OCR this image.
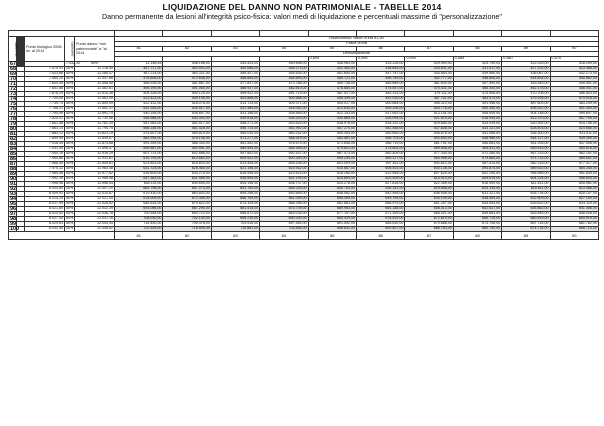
LIQUIDAZIONE DEL DANNO NON PATRIMONIALE - TABELLE 2014
Danno permanente da lesioni all'integrità psico-fisica: valori medi di liquidazione e percentuali massime di "personalizzazione"

Invalidità		Punto biologico 2008 riv. al 2014	aumento	Punto danno "non patrimoniale" a "al 2014	Risarcimento: fasce di età 81-90										
					Fasce di età										
					81	82	83	84	85	86	87	88	89	90	
					Demoltiplicatore										
									0,600	0,595	0,590	0,585	0,580	0,575				
67			7.432,30	50%	11.148,45	448.168,00	444.433,00	440.698,00	436.963,00	433.228,00	429.494,00	425.759,00	422.025,00	418.290,00	
68		7.479,03	50%	11.218,55	457.717,00	453.903,00	450.088,00	446.274,00	442.460,00	438.645,00	434.831,00	431.017,00	427.202,00	423.388,00	
69		7.523,86	50%	11.285,37	467.214,00	463.321,00	459.427,00	455.534,00	451.640,00	447.747,00	443.854,00	439.960,00	436.067,00	432.173,00	
70		7.565,25	50%	11.347,88	476.608,00	472.636,00	468.664,00	464.693,00	460.721,00	456.749,00	452.777,00	448.806,00	444.834,00	440.862,00	
71		7.604,05	50%	11.406,08	485.936,00	481.887,00	477.837,00	473.788,00	469.738,00	465.689,00	461.639,00	457.590,00	453.540,00	449.491,00	
72		7.641,88	50%	11.462,81	495.190,00	491.064,00	486.937,00	482.810,00	478.684,00	474.557,00	470.431,00	466.304,00	462.178,00	458.051,00	
73		7.676,29	50%	11.514,36	504.328,00	500.125,00	495.922,00	491.719,00	487.517,00	483.314,00	479.111,00	474.908,00	470.706,00	466.503,00	
74		7.709,06	50%	11.563,59	513.423,00	509.145,00	504.866,00	500.588,00	496.309,00	492.030,00	487.752,00	483.473,00	479.195,00	474.916,00	
75		7.739,73	50%	11.609,59	522.432,00	518.078,00	513.724,00	509.371,00	505.017,00	500.664,00	496.310,00	491.956,00	487.603,00	483.249,00	
76		7.768,21	50%	11.652,31	531.345,00	526.917,00	522.489,00	518.062,00	513.634,00	509.206,00	504.778,00	500.350,00	495.922,00	491.494,00	
77		7.794,49	50%	11.691,74	540.158,00	535.657,00	531.156,00	526.655,00	522.153,00	517.652,00	513.151,00	508.649,00	504.148,00	499.647,00	
78		7.820,01	50%	11.730,56	548.968,00	544.393,00	539.818,00	535.243,00	530.669,00	526.094,00	521.519,00	516.945,00	512.370,00	507.795,00	
79		7.841,56	50%	11.762,34	557.563,00	552.917,00	548.271,00	543.624,00	538.978,00	534.332,00	529.685,00	525.039,00	520.392,00	515.746,00	
80		7.863,14	50%	11.794,75	566.146,00	561.428,00	556.710,00	551.992,00	547.274,00	542.558,00	537.838,00	533.121,00	528.403,00	523.685,00	
81		7.883,12	50%	11.823,19	574.607,00	569.819,00	565.030,00	560.242,00	555.454,00	550.665,00	545.876,00	541.088,00	536.300,00	531.511,00	
82		7.899,95	50%	11.849,67	582.994,00	578.136,00	573.277,00	568.419,00	563.561,00	558.703,00	553.844,00	548.986,00	544.127,00	539.269,00	
83		7.916,44	50%	11.874,68	591.359,00	586.430,00	581.502,00	576.574,00	571.646,00	566.719,00	561.791,00	556.863,00	551.935,00	547.006,00	
84		7.931,05	50%	11.896,57	599.587,00	594.591,00	589.594,00	584.598,00	579.601,00	574.604,00	569.608,00	564.611,00	559.615,00	554.618,00	
85		7.944,19	50%	11.916,29	607.731,00	602.666,00	597.602,00	592.537,00	587.473,00	582.409,00	577.344,00	572.280,00	567.215,00	562.151,00	
86		7.955,88	50%	11.933,81	615.793,00	610.663,00	605.522,00	600.390,00	595.259,00	590.127,00	584.996,00	579.864,00	574.732,00	569.601,00	
87		7.966,55	50%	11.949,81	623.803,00	618.604,00	613.406,00	608.208,00	603.009,00	597.811,00	592.612,00	587.414,00	582.216,00	577.017,00	
88		7.975,32	50%	11.964,48	631.725,00	626.460,00	621.196,00	615.932,00	610.667,00	605.403,00	600.138,00	594.874,00	589.610,00	584.345,00	
89		7.985,08	50%	11.977,62	639.605,00	634.275,00	628.945,00	623.615,00	618.285,00	612.955,00	607.625,00	602.295,00	596.965,00	591.635,00	
90		7.992,39	50%	11.988,58	647.383,00	641.989,00	636.594,00	631.199,00	625.804,00	620.409,00	615.014,00	609.619,00	604.224,00	598.830,00	
91		7.998,96	50%	11.998,44	655.115,00	649.655,00	644.196,00	638.737,00	633.278,00	627.818,00	622.359,00	616.900,00	611.441,00	605.981,00	
92		8.004,80	50%	12.007,20	662.796,00	657.273,00	651.750,00	646.226,00	640.704,00	635.181,00	629.658,00	624.134,00	618.611,00	613.088,00	
93		8.009,91	50%	12.014,87	670.430,00	664.843,00	659.256,00	653.669,00	648.082,00	642.495,00	636.908,00	631.321,00	625.734,00	620.147,00	
94		8.014,29	50%	12.021,44	678.009,00	672.359,00	666.709,00	661.059,00	655.409,00	649.759,00	644.109,00	638.459,00	632.809,00	627.159,00	
95		8.017,95	50%	12.026,92	685.534,00	679.822,00	674.109,00	668.396,00	662.683,00	656.970,00	651.257,00	645.544,00	639.832,00	634.119,00	
96		8.021,60	50%	12.032,39	693.066,00	687.290,00	681.515,00	675.739,00	669.964,00	664.188,00	658.413,00	652.637,00	646.862,00	641.086,00	
97		8.024,52	50%	12.036,78	700.548,00	694.710,00	688.872,00	683.034,00	677.197,00	671.359,00	665.521,00	659.683,00	653.845,00	648.008,00	
98		8.027,44	50%	12.041,16	708.030,00	702.130,00	696.230,00	690.330,00	684.419,00	678.519,00	672.619,00	666.719,00	660.819,00	654.919,00	
99		8.029,63	50%	12.044,44	715.440,00	709.478,00	703.516,00	697.554,00	691.592,00	685.630,00	679.668,00	673.706,00	667.744,00	661.782,00	
100		8.032,55	50%	12.048,82	722.929,00	716.905,00	710.881,00	704.856,00	698.832,00	692.807,00	686.783,00	680.759,00	674.734,00	668.710,00	
					81	82	83	84	85	86	87	88	89	90	
